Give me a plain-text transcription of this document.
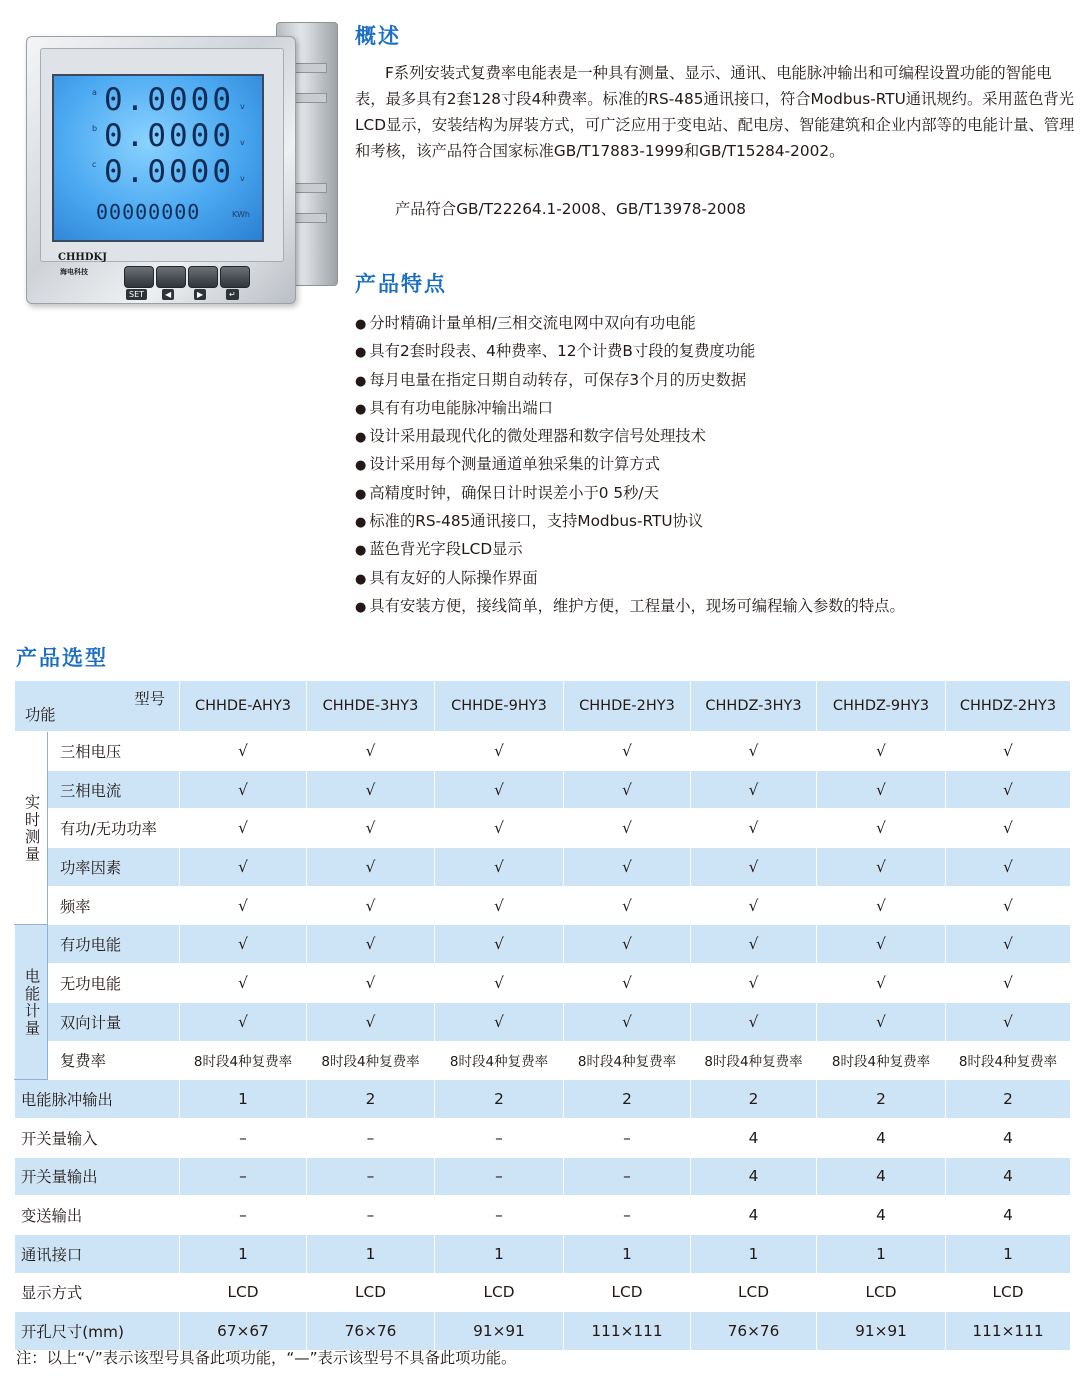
a 0.0000 v
b 0.0000 v
c 0.0000 v
00000000	KWh
CHHDKJ
海电科技
SET	◀	▶	↵
概述
F系列安装式复费率电能表是一种具有测量、显示、通讯、电能脉冲输出和可编程设置功能的智能电表，最多具有2套128寸段4种费率。标准的RS-485通讯接口，符合Modbus-RTU通讯规约。采用蓝色背光LCD显示，安装结构为屏装方式，可广泛应用于变电站、配电房、智能建筑和企业内部等的电能计量、管理和考核，该产品符合国家标准GB/T17883-1999和GB/T15284-2002。
产品符合GB/T22264.1-2008、GB/T13978-2008
产品特点
● 分时精确计量单相/三相交流电网中双向有功电能
● 具有2套时段表、4种费率、12个计费B寸段的复费度功能
● 每月电量在指定日期自动转存，可保存3个月的历史数据
● 具有有功电能脉冲输出端口
● 设计采用最现代化的微处理器和数字信号处理技术
● 设计采用每个测量通道单独采集的计算方式
● 高精度时钟，确保日计时误差小于0 5秒/天
● 标准的RS-485通讯接口，支持Modbus-RTU协议
● 蓝色背光字段LCD显示
● 具有友好的人际操作界面
● 具有安装方便，接线简单，维护方便，工程量小，现场可编程输入参数的特点。
产品选型
型号
功能		CHHDE-AHY3	CHHDE-3HY3	CHHDE-9HY3	CHHDE-2HY3	CHHDZ-3HY3	CHHDZ-9HY3	CHHDZ-2HY3
实时测量	三相电压	√	√	√	√	√	√	√
	三相电流	√	√	√	√	√	√	√
	有功/无功功率	√	√	√	√	√	√	√
	功率因素	√	√	√	√	√	√	√
	频率	√	√	√	√	√	√	√
电能计量	有功电能	√	√	√	√	√	√	√
	无功电能	√	√	√	√	√	√	√
	双向计量	√	√	√	√	√	√	√
	复费率	8时段4种复费率	8时段4种复费率	8时段4种复费率	8时段4种复费率	8时段4种复费率	8时段4种复费率	8时段4种复费率
电能脉冲输出		1	2	2	2	2	2	2
开关量输入		–	–	–	–	4	4	4
开关量输出		–	–	–	–	4	4	4
变送输出		–	–	–	–	4	4	4
通讯接口		1	1	1	1	1	1	1
显示方式		LCD	LCD	LCD	LCD	LCD	LCD	LCD
开孔尺寸(mm)		67×67	76×76	91×91	111×111	76×76	91×91	111×111
注：以上“√”表示该型号具备此项功能，“—”表示该型号不具备此项功能。
